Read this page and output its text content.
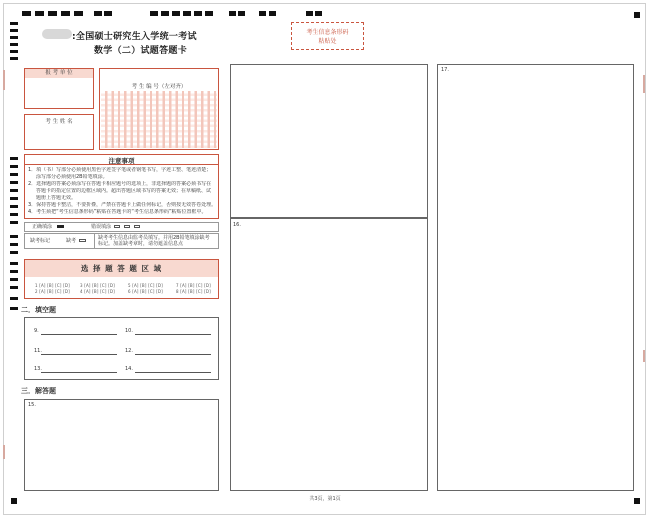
:全国硕士研究生入学统一考试
数学（二）试题答题卡
考生信息条形码
粘贴处
报 考 单 位
考 生 姓 名
考 生 编 号（左对齐）
注意事项
1．填（书）写部分必须使用黑色字迹签字笔或者钢笔书写，字迹工整、笔迹清楚；
涂写部分必须使用2B铅笔填涂。
2．选择题的答案必须涂写在答题卡相应题号的选项上，非选择题的答案必须书写在
答题卡的指定位置的边框区域内。超出答题区域书写的答案无效；在草稿纸、试
题册上答题无效。
3．保持答题卡整洁，不要折叠，严禁在答题卡上做任何标记，否则按无效答卷处理。
4．考生须把“考生信息条形码”粘贴在答题卡的“考生信息条形码”粘贴位置框中。
正确填涂	错误填涂
缺考标记	缺考	缺考考生信息由监考员填写。并用2B铅笔填涂缺考
标记。加盖缺考章时，请勿遮盖信息点
选 择 题 答 题 区 域
1 [A] [B] [C] [D]	3 [A] [B] [C] [D]	5 [A] [B] [C] [D]	7 [A] [B] [C] [D]
2 [A] [B] [C] [D]	4 [A] [B] [C] [D]	6 [A] [B] [C] [D]	8 [A] [B] [C] [D]
二．填空题
9.	10.
11.	12.
13.	14.
三．解答题
15.
16.
17.
共3页，第1页
